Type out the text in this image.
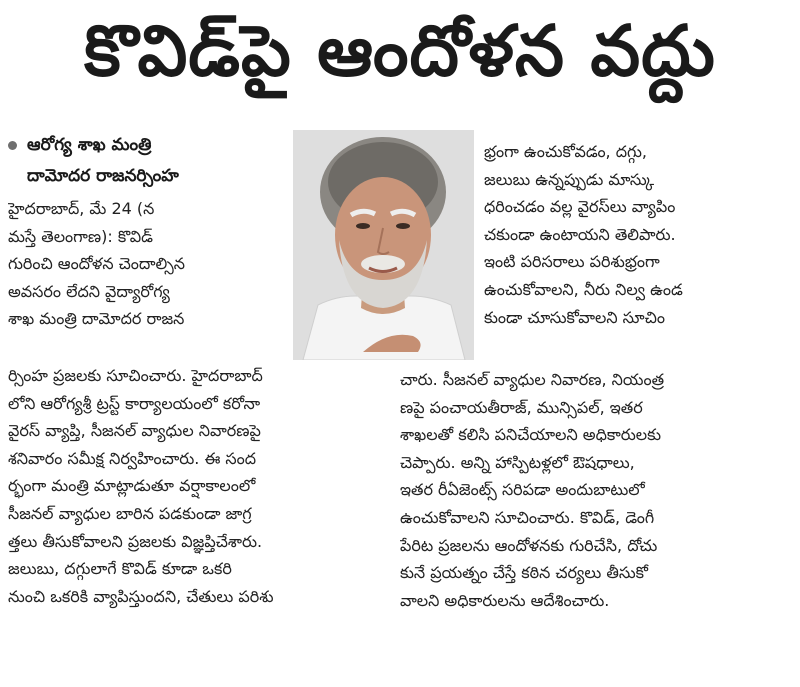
కొవిడ్‌పై ఆందోళన వద్దు
ఆరోగ్య శాఖ మంత్రి
దామోదర రాజనర్సింహ
హైదరాబాద్‌, మే 24 (న
మస్తే తెలంగాణ): కొవిడ్‌
గురించి ఆందోళన చెందాల్సిన
అవసరం లేదని వైద్యారోగ్య
శాఖ మంత్రి దామోదర రాజన
ర్సింహ ప్రజలకు సూచించారు. హైదరాబాద్‌
లోని ఆరోగ్యశ్రీ ట్రస్ట్‌ కార్యాలయంలో కరోనా
వైరస్‌ వ్యాప్తి, సీజనల్‌ వ్యాధుల నివారణపై
శనివారం సమీక్ష నిర్వహించారు. ఈ సంద
ర్భంగా మంత్రి మాట్లాడుతూ వర్షాకాలంలో
సీజనల్‌ వ్యాధుల బారిన పడకుండా జాగ్ర
త్తలు తీసుకోవాలని ప్రజలకు విజ్ఞప్తిచేశారు.
జలుబు, దగ్గులాగే కొవిడ్‌ కూడా ఒకరి
నుంచి ఒకరికి వ్యాపిస్తుందని, చేతులు పరిశు
భ్రంగా ఉంచుకోవడం, దగ్గు,
జలుబు ఉన్నప్పుడు మాస్కు
ధరించడం వల్ల వైరస్‌లు వ్యాపిం
చకుండా ఉంటాయని తెలిపారు.
ఇంటి పరిసరాలు పరిశుభ్రంగా
ఉంచుకోవాలని, నీరు నిల్వ ఉండ
కుండా చూసుకోవాలని సూచిం
చారు. సీజనల్‌ వ్యాధుల నివారణ, నియంత్ర
ణపై పంచాయతీరాజ్‌, మున్సిపల్‌, ఇతర
శాఖలతో కలిసి పనిచేయాలని అధికారులకు
చెప్పారు. అన్ని హాస్పిటళ్లలో ఔషధాలు,
ఇతర రీఏజెంట్స్‌ సరిపడా అందుబాటులో
ఉంచుకోవాలని సూచించారు. కొవిడ్‌, డెంగీ
పేరిట ప్రజలను ఆందోళనకు గురిచేసి, దోచు
కునే ప్రయత్నం చేస్తే కఠిన చర్యలు తీసుకో
వాలని అధికారులను ఆదేశించారు.
